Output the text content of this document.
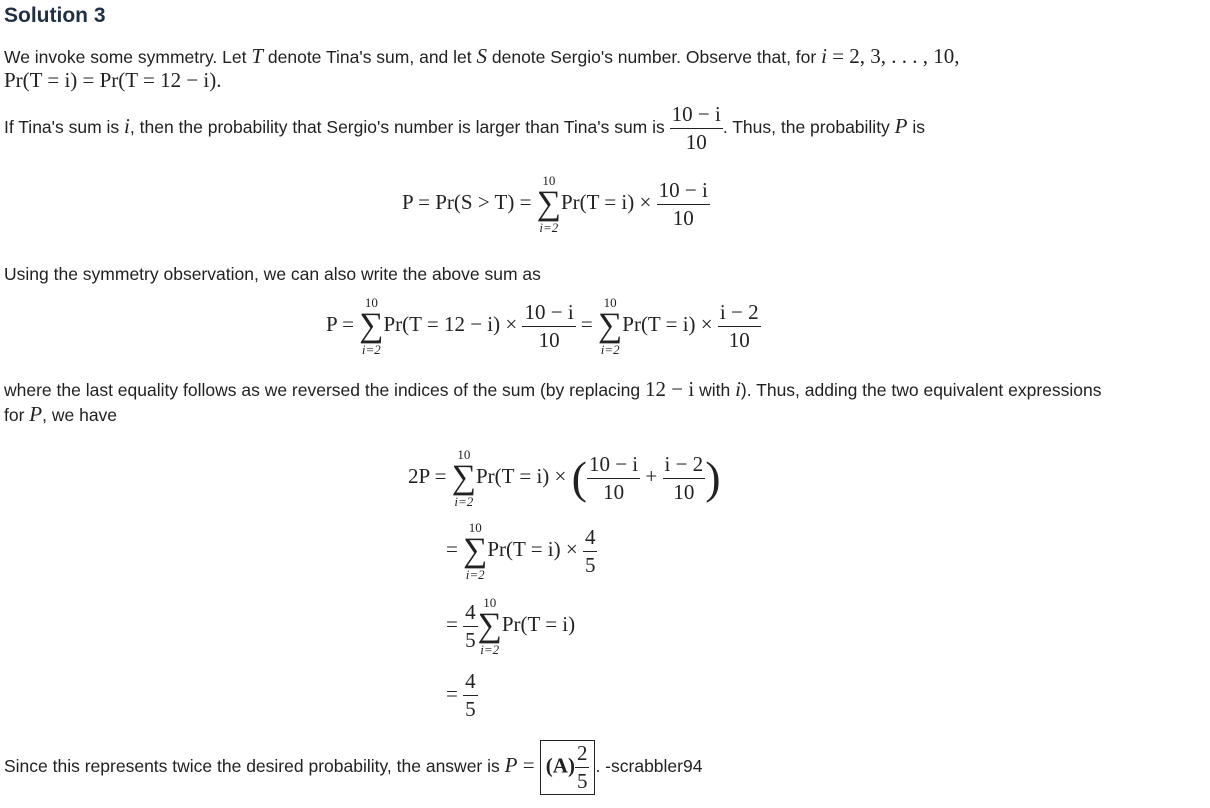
Solution 3
We invoke some symmetry. Let T denote Tina's sum, and let S denote Sergio's number. Observe that, for i = 2, 3, . . . , 10,
Pr(T = i) = Pr(T = 12 − i).
If Tina's sum is i, then the probability that Sergio's number is larger than Tina's sum is $\frac{10 - i}{10}$ . Thus, the probability P is
P = Pr(S > T) =
10
∑
i=2
$Pr(T = i) \times \frac{10 - i}{10}$
Using the symmetry observation, we can also write the above sum as
P =
10
∑
i=2
$Pr(T = 12 - i) \times \frac{10 - i}{10}$ =
10
∑
i=2
$Pr(T = i) \times \frac{i - 2}{10}$
where the last equality follows as we reversed the indices of the sum (by replacing 12 − i with i). Thus, adding the two equivalent expressions
for P, we have
2P =
10
∑
i=2
Pr(T = i) × ( $\frac{10 - i}{10} + \frac{i - 2}{10}$ )
=
10
∑
i=2
$Pr(T = i) \times \frac{4}{5}$
= $\frac{4}{5} 10$
∑
i=2
Pr(T = i)
= $\frac{4}{5}$
Since this represents twice the desired probability, the answer is $P = (A) \frac{2}{5}$ . -scrabbler94
